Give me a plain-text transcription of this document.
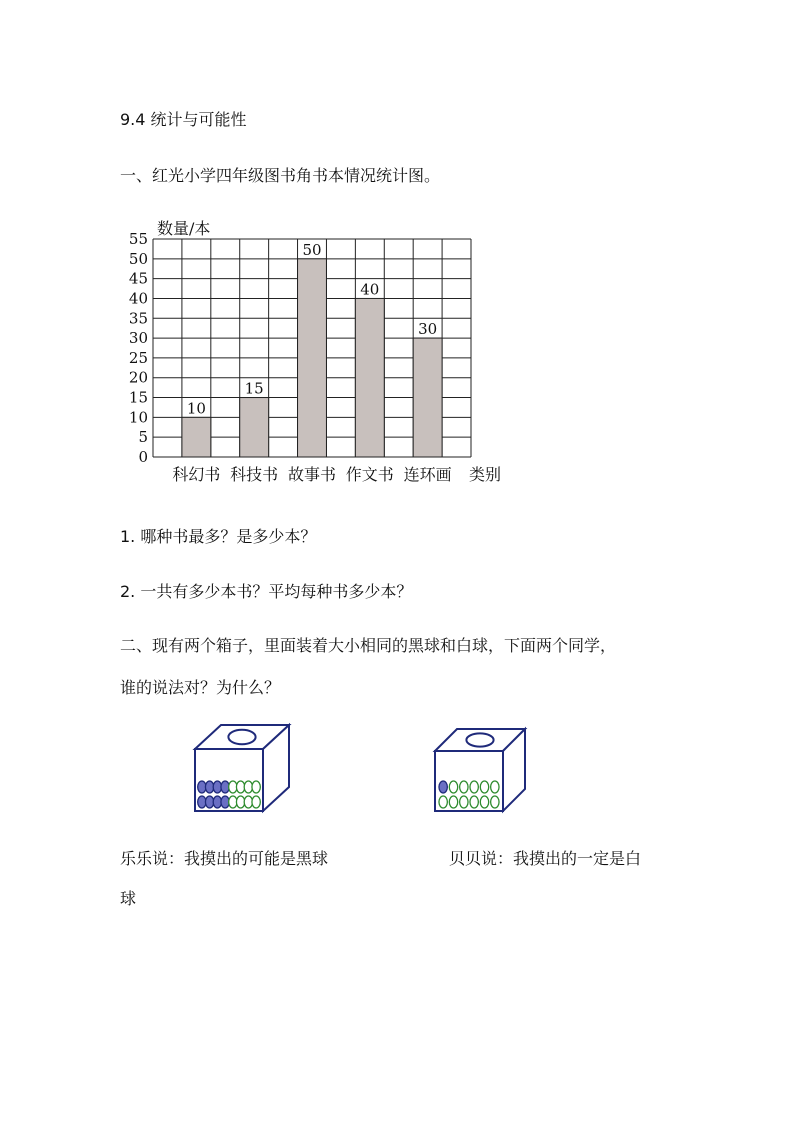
9.4 统计与可能性
一、红光小学四年级图书角书本情况统计图。
0
5
10
15
20
25
30
35
40
45
50
55
数量/本
10
科幻书
15
科技书
50
故事书
40
作文书
30
连环画 类别
1. 哪种书最多？是多少本？
2. 一共有多少本书？平均每种书多少本？
二、现有两个箱子，里面装着大小相同的黑球和白球，下面两个同学，
谁的说法对？为什么？
乐乐说：我摸出的可能是黑球	贝贝说：我摸出的一定是白
球
